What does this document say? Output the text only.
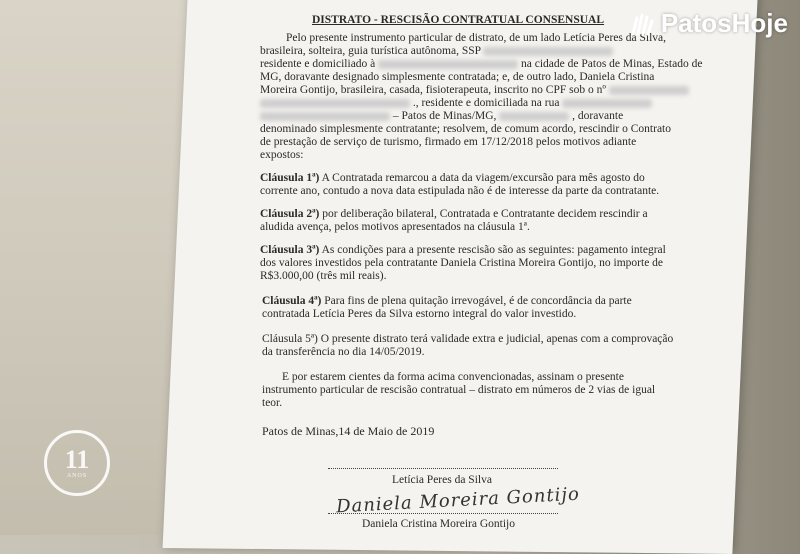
DISTRATO - RESCISÃO CONTRATUAL CONSENSUAL
Pelo presente instrumento particular de distrato, de um lado Letícia Peres da Silva,
brasileira, solteira, guia turística autônoma, SSP
residente e domiciliado à	na cidade de Patos de Minas, Estado de
MG, doravante designado simplesmente contratada; e, de outro lado, Daniela Cristina
Moreira Gontijo, brasileira, casada, fisioterapeuta, inscrito no CPF sob o nº
., residente e domiciliada na rua
– Patos de Minas/MG,	, doravante
denominado simplesmente contratante; resolvem, de comum acordo, rescindir o Contrato
de prestação de serviço de turismo, firmado em 17/12/2018 pelos motivos adiante
expostos:
Cláusula 1ª) A Contratada remarcou a data da viagem/excursão para mês agosto do
corrente ano, contudo a nova data estipulada não é de interesse da parte da contratante.
Cláusula 2ª) por deliberação bilateral, Contratada e Contratante decidem rescindir a
aludida avença, pelos motivos apresentados na cláusula 1ª.
Cláusula 3ª) As condições para a presente rescisão são as seguintes: pagamento integral
dos valores investidos pela contratante Daniela Cristina Moreira Gontijo, no importe de
R$3.000,00 (três mil reais).
Cláusula 4ª) Para fins de plena quitação irrevogável, é de concordância da parte
contratada Letícia Peres da Silva estorno integral do valor investido.
Cláusula 5ª) O presente distrato terá validade extra e judicial, apenas com a comprovação
da transferência no dia 14/05/2019.
E por estarem cientes da forma acima convencionadas, assinam o presente
instrumento particular de rescisão contratual – distrato em números de 2 vias de igual
teor.
Patos de Minas,14 de Maio de 2019
Letícia Peres da Silva
Daniela Moreira Gontijo
Daniela Cristina Moreira Gontijo
PatosHoje
11
ANOS
